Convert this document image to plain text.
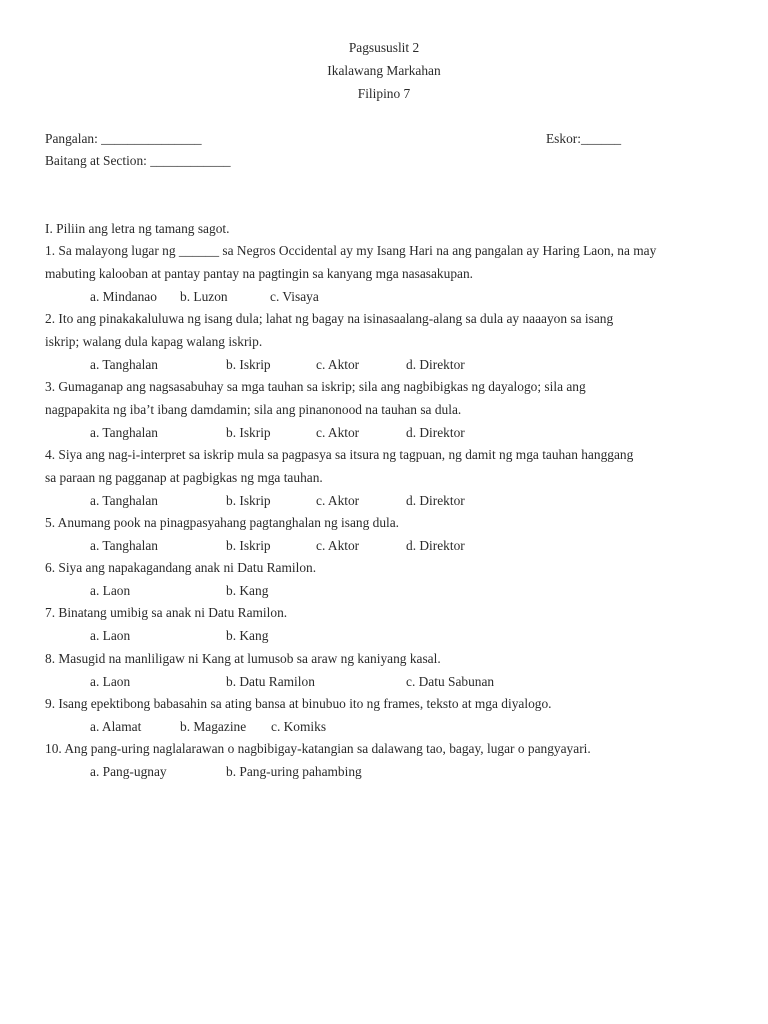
Pagsususlit 2
Ikalawang Markahan
Filipino 7
Pangalan: _______________	Eskor:______
Baitang at Section: ____________
I. Piliin ang letra ng tamang sagot.
1. Sa malayong lugar ng ______ sa Negros Occidental ay my Isang Hari na ang pangalan ay Haring Laon, na may
mabuting kalooban at pantay pantay na pagtingin sa kanyang mga nasasakupan.
a. Mindanao b. Luzon	c. Visaya
2. Ito ang pinakakaluluwa ng isang dula; lahat ng bagay na isinasaalang-alang sa dula ay naaayon sa isang
iskrip; walang dula kapag walang iskrip.
a. Tanghalan	b. Iskrip	c. Aktor	d. Direktor
3. Gumaganap ang nagsasabuhay sa mga tauhan sa iskrip; sila ang nagbibigkas ng dayalogo; sila ang
nagpapakita ng iba’t ibang damdamin; sila ang pinanonood na tauhan sa dula.
a. Tanghalan	b. Iskrip	c. Aktor	d. Direktor
4. Siya ang nag-i-interpret sa iskrip mula sa pagpasya sa itsura ng tagpuan, ng damit ng mga tauhan hanggang
sa paraan ng pagganap at pagbigkas ng mga tauhan.
a. Tanghalan	b. Iskrip	c. Aktor	d. Direktor
5. Anumang pook na pinagpasyahang pagtanghalan ng isang dula.
a. Tanghalan	b. Iskrip	c. Aktor	d. Direktor
6. Siya ang napakagandang anak ni Datu Ramilon.
a. Laon	b. Kang
7. Binatang umibig sa anak ni Datu Ramilon.
a. Laon	b. Kang
8. Masugid na manliligaw ni Kang at lumusob sa araw ng kaniyang kasal.
a. Laon	b. Datu Ramilon	c. Datu Sabunan
9. Isang epektibong babasahin sa ating bansa at binubuo ito ng frames, teksto at mga diyalogo.
a. Alamat	b. Magazine c. Komiks
10. Ang pang-uring naglalarawan o nagbibigay-katangian sa dalawang tao, bagay, lugar o pangyayari.
a. Pang-ugnay	b. Pang-uring pahambing
